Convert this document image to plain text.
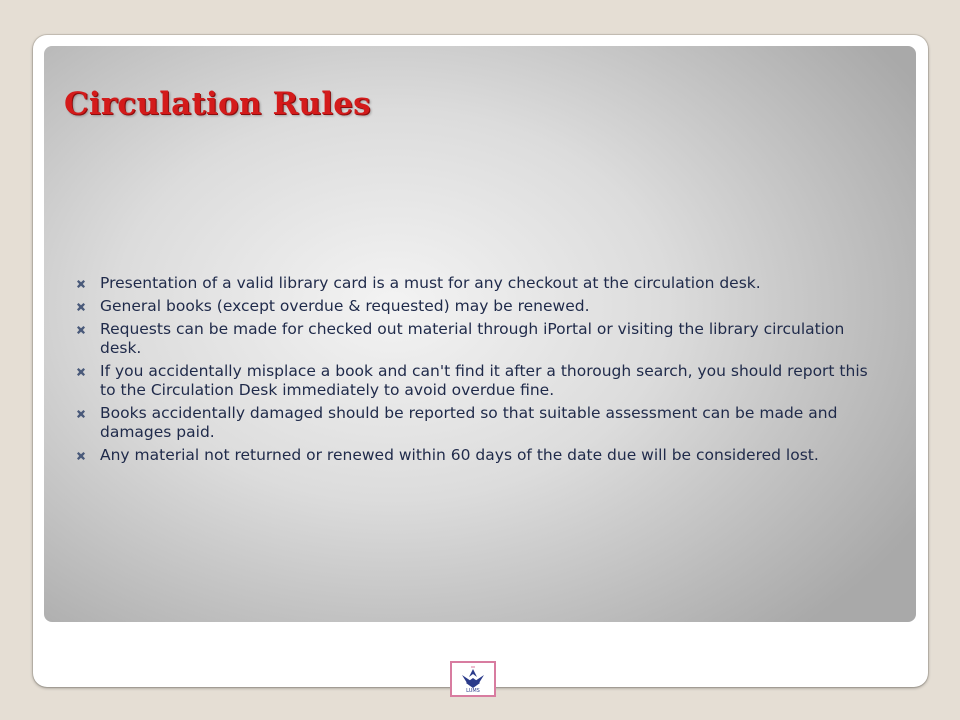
Circulation Rules
Presentation of a valid library card is a must for any checkout at the circulation desk.
General books (except overdue & requested) may be renewed.
Requests can be made for checked out material through iPortal or visiting the library circulation desk.
If you accidentally misplace a book and can't find it after a thorough search, you should report this to the Circulation Desk immediately to avoid overdue fine.
Books accidentally damaged should be reported so that suitable assessment can be made and damages paid.
Any material not returned or renewed within 60 days of the date due will be considered lost.
LUMS
